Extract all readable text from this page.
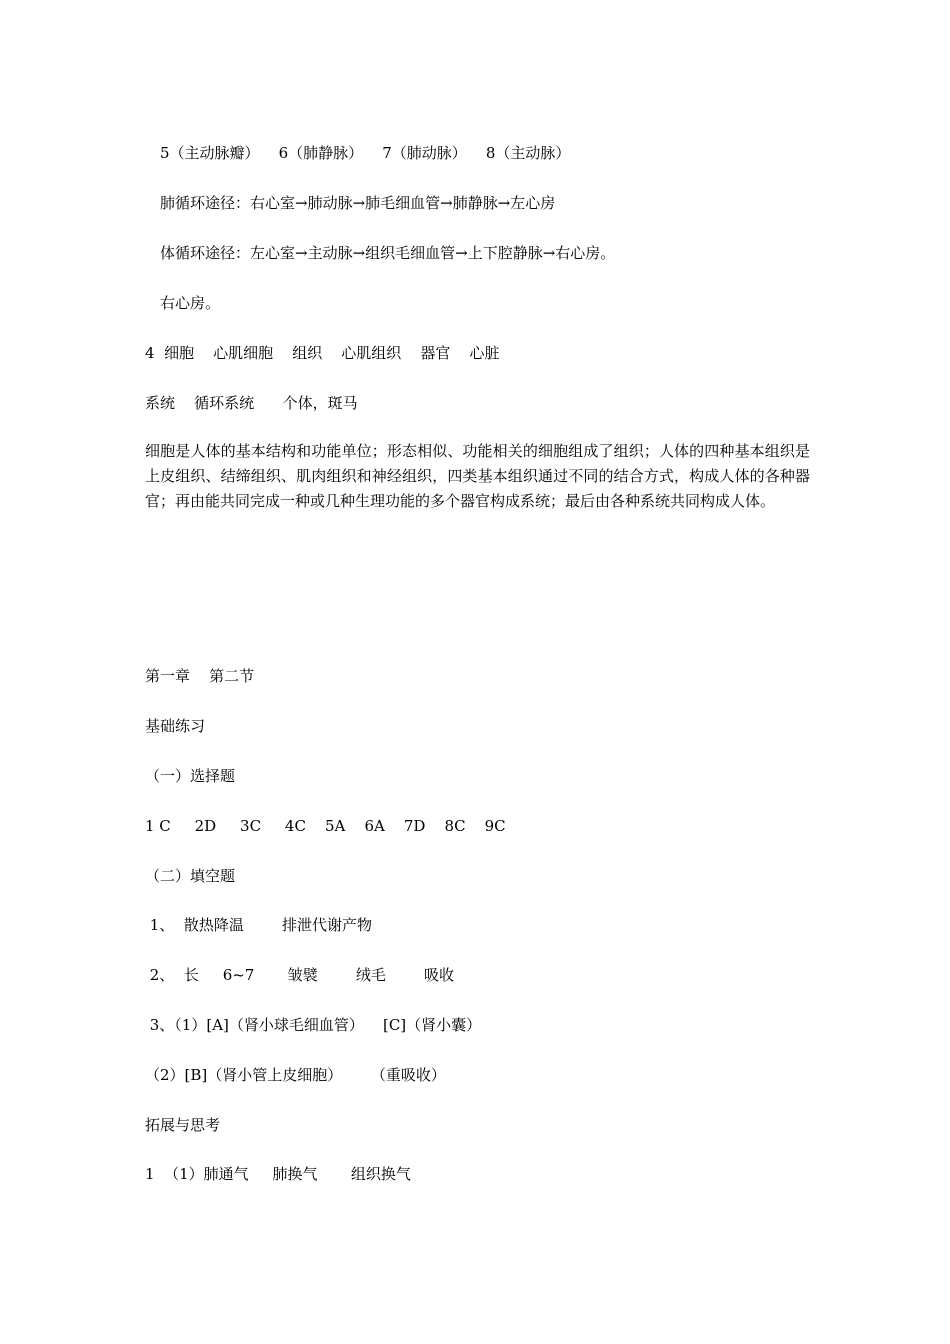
5（主动脉瓣）    6（肺静脉）    7（肺动脉）    8（主动脉）
肺循环途径：右心室→肺动脉→肺毛细血管→肺静脉→左心房
体循环途径：左心室→主动脉→组织毛细血管→上下腔静脉→右心房。
右心房。
4  细胞    心肌细胞    组织    心肌组织    器官    心脏
系统    循环系统      个体，斑马
细胞是人体的基本结构和功能单位；形态相似、功能相关的细胞组成了组织；人体的四种基本组织是上皮组织、结缔组织、肌肉组织和神经组织，四类基本组织通过不同的结合方式，构成人体的各种器官；再由能共同完成一种或几种生理功能的多个器官构成系统；最后由各种系统共同构成人体。
第一章    第二节
基础练习
（一）选择题
1 C     2D     3C     4C    5A    6A    7D    8C    9C
（二）填空题
1、  散热降温        排泄代谢产物
2、  长     6~7       皱襞        绒毛        吸收
3、（1）[A]（肾小球毛细血管）    [C]（肾小囊）
（2）[B]（肾小管上皮细胞）      （重吸收）
拓展与思考
1  （1）肺通气     肺换气       组织换气
